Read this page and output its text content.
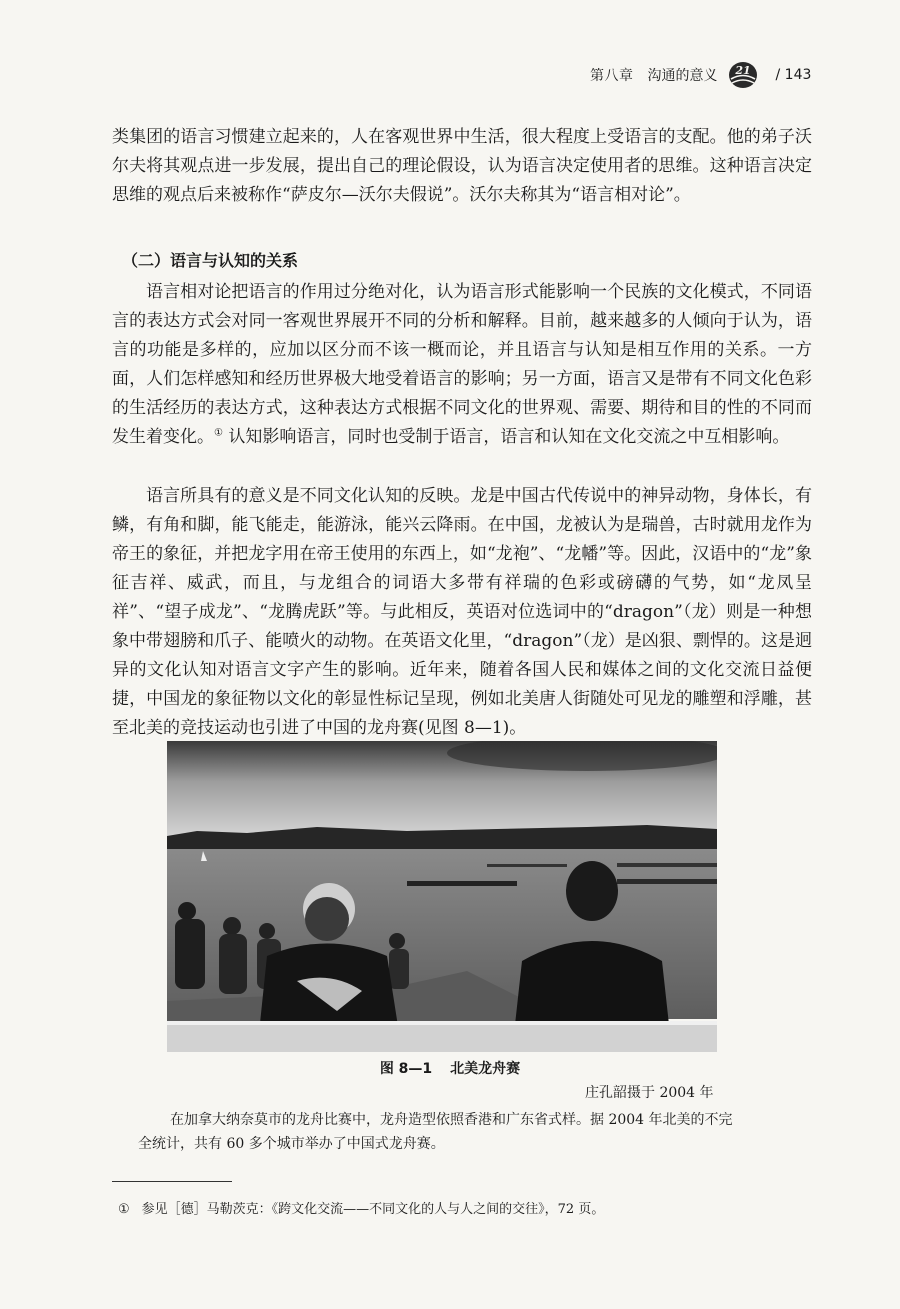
第八章 沟通的意义 21 / 143

类集团的语言习惯建立起来的，人在客观世界中生活，很大程度上受语言的支配。他的弟子沃尔夫将其观点进一步发展，提出自己的理论假设，认为语言决定使用者的思维。这种语言决定思维的观点后来被称作“萨皮尔—沃尔夫假说”。沃尔夫称其为“语言相对论”。

（二）语言与认知的关系

语言相对论把语言的作用过分绝对化，认为语言形式能影响一个民族的文化模式，不同语言的表达方式会对同一客观世界展开不同的分析和解释。目前，越来越多的人倾向于认为，语言的功能是多样的，应加以区分而不该一概而论，并且语言与认知是相互作用的关系。一方面，人们怎样感知和经历世界极大地受着语言的影响；另一方面，语言又是带有不同文化色彩的生活经历的表达方式，这种表达方式根据不同文化的世界观、需要、期待和目的性的不同而发生着变化。① 认知影响语言，同时也受制于语言，语言和认知在文化交流之中互相影响。

语言所具有的意义是不同文化认知的反映。龙是中国古代传说中的神异动物，身体长，有鳞，有角和脚，能飞能走，能游泳，能兴云降雨。在中国，龙被认为是瑞兽，古时就用龙作为帝王的象征，并把龙字用在帝王使用的东西上，如“龙袍”、“龙幡”等。因此，汉语中的“龙”象征吉祥、威武，而且，与龙组合的词语大多带有祥瑞的色彩或磅礴的气势，如“龙凤呈祥”、“望子成龙”、“龙腾虎跃”等。与此相反，英语对位选词中的“dragon”（龙）则是一种想象中带翅膀和爪子、能喷火的动物。在英语文化里，“dragon”（龙）是凶狠、剽悍的。这是迥异的文化认知对语言文字产生的影响。近年来，随着各国人民和媒体之间的文化交流日益便捷，中国龙的象征物以文化的彰显性标记呈现，例如北美唐人街随处可见龙的雕塑和浮雕，甚至北美的竞技运动也引进了中国的龙舟赛(见图 8—1)。

图 8—1 北美龙舟赛
庄孔韶摄于 2004 年
在加拿大纳奈莫市的龙舟比赛中，龙舟造型依照香港和广东省式样。据 2004 年北美的不完全统计，共有 60 多个城市举办了中国式龙舟赛。
① 参见［德］马勒茨克：《跨文化交流——不同文化的人与人之间的交往》，72 页。
